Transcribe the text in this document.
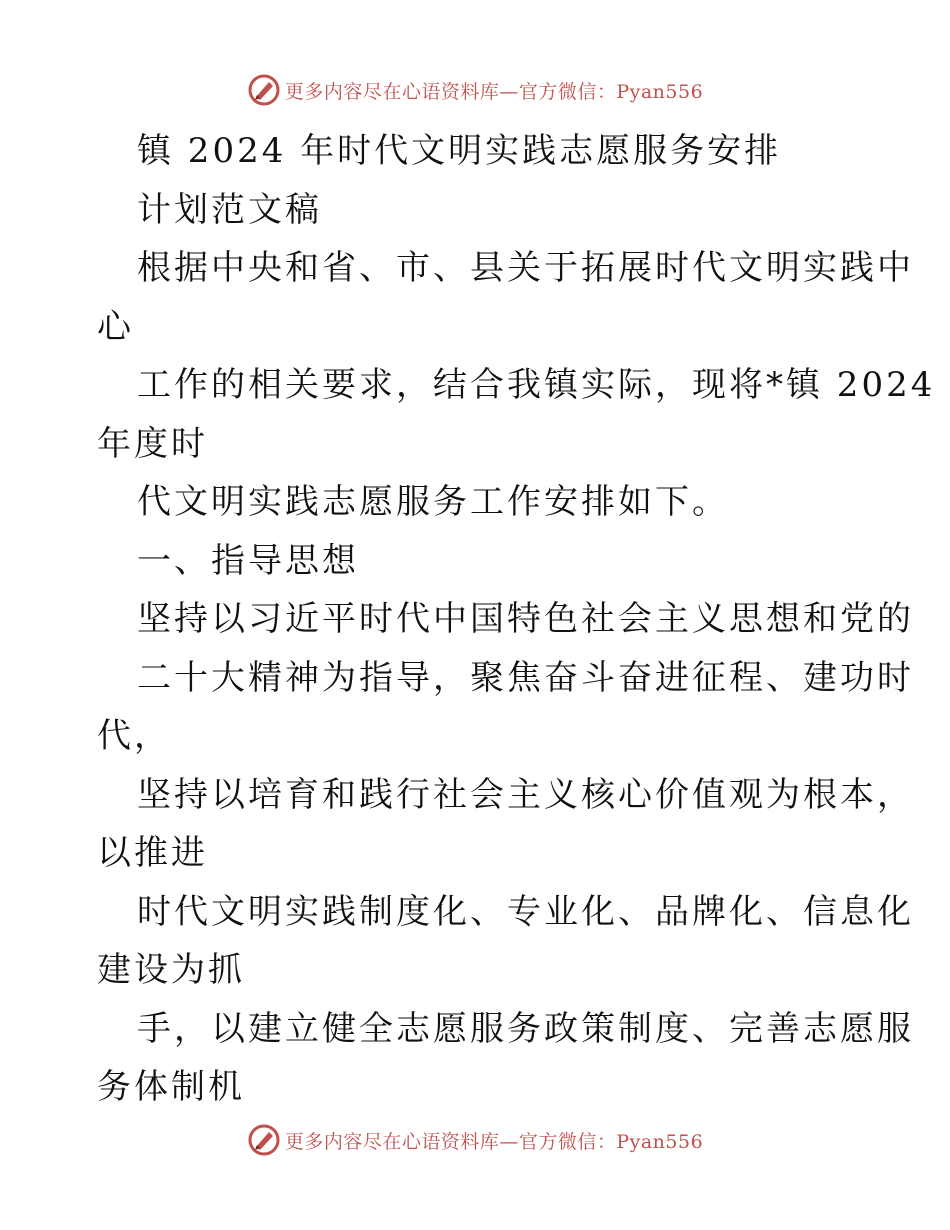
更多内容尽在心语资料库—官方微信：Pyan556
镇 2024 年时代文明实践志愿服务安排
计划范文稿
根据中央和省、市、县关于拓展时代文明实践中
心
工作的相关要求，结合我镇实际，现将*镇 2024
年度时
代文明实践志愿服务工作安排如下。
一、指导思想
坚持以习近平时代中国特色社会主义思想和党的
二十大精神为指导，聚焦奋斗奋进征程、建功时
代，
坚持以培育和践行社会主义核心价值观为根本，
以推进
时代文明实践制度化、专业化、品牌化、信息化
建设为抓
手，以建立健全志愿服务政策制度、完善志愿服
务体制机
更多内容尽在心语资料库—官方微信：Pyan556
